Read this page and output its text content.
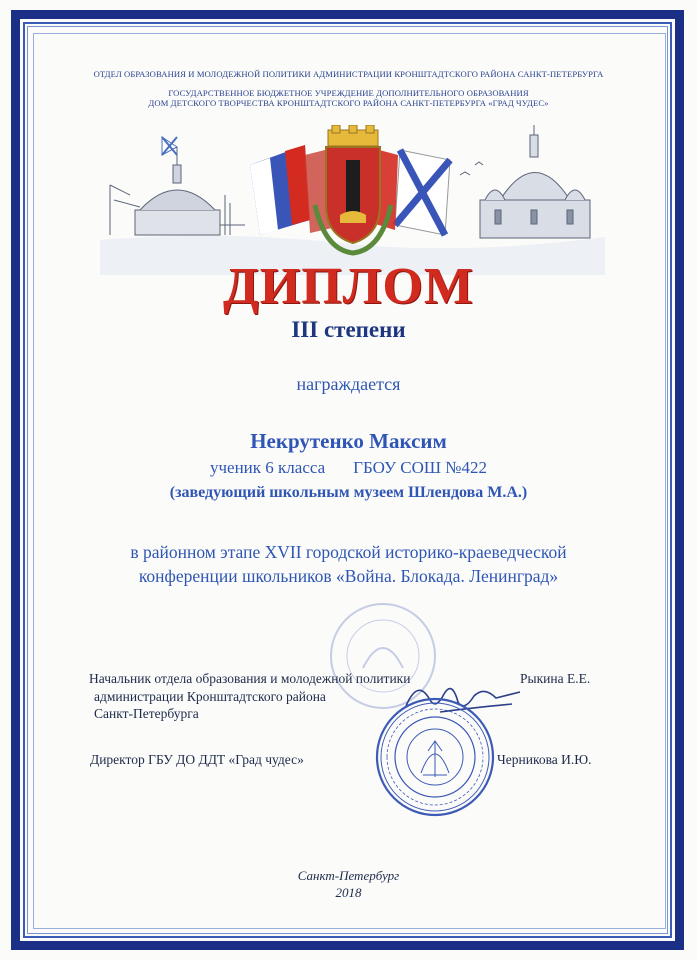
ОТДЕЛ ОБРАЗОВАНИЯ И МОЛОДЕЖНОЙ ПОЛИТИКИ АДМИНИСТРАЦИИ КРОНШТАДТСКОГО РАЙОНА САНКТ-ПЕТЕРБУРГА
ГОСУДАРСТВЕННОЕ БЮДЖЕТНОЕ УЧРЕЖДЕНИЕ ДОПОЛНИТЕЛЬНОГО ОБРАЗОВАНИЯ
ДОМ ДЕТСКОГО ТВОРЧЕСТВА КРОНШТАДТСКОГО РАЙОНА САНКТ-ПЕТЕРБУРГА «ГРАД ЧУДЕС»
ДИПЛОМ
III степени
награждается
Некрутенко Максим
ученик 6 класса ГБОУ СОШ №422
(заведующий школьным музеем Шлендова М.А.)
в районном этапе XVII городской историко-краеведческой
конференции школьников «Война. Блокада. Ленинград»
Начальник отдела образования и молодежной политики
администрации Кронштадтского района
Санкт-Петербурга
Рыкина Е.Е.
Директор ГБУ ДО ДДТ «Град чудес»	Черникова И.Ю.
Санкт-Петербург
2018
